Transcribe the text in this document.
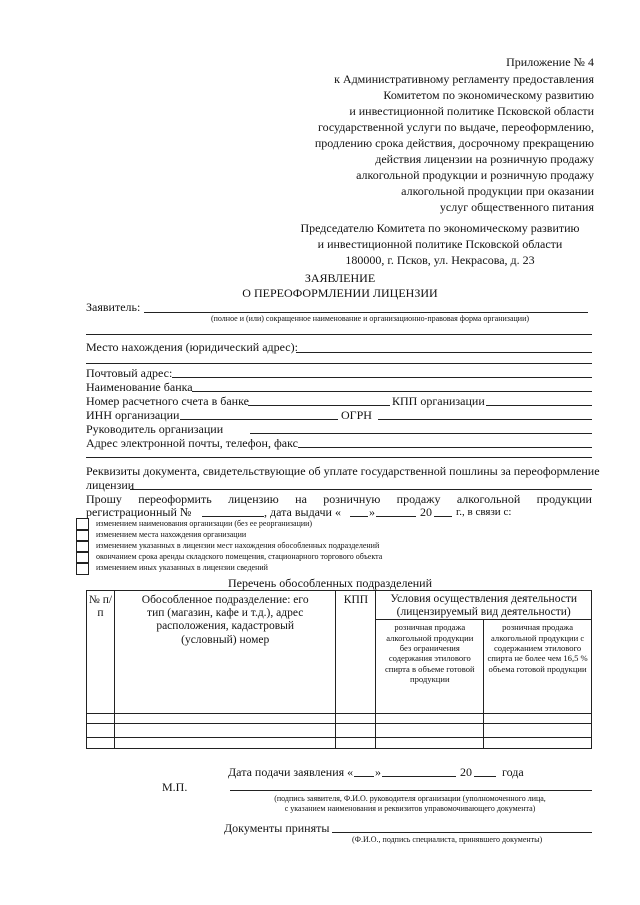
Приложение № 4
к Административному регламенту предоставления
Комитетом по экономическому развитию
и инвестиционной политике Псковской области
государственной услуги по выдаче, переоформлению,
продлению срока действия, досрочному прекращению
действия лицензии на розничную продажу
алкогольной продукции и розничную продажу
алкогольной продукции при оказании
услуг общественного питания
Председателю Комитета по экономическому развитию
и инвестиционной политике Псковской области
180000, г. Псков, ул. Некрасова, д. 23
ЗАЯВЛЕНИЕ
О ПЕРЕОФОРМЛЕНИИ ЛИЦЕНЗИИ
Заявитель:
(полное и (или) сокращенное наименование и организационно-правовая форма организации)
Место нахождения (юридический адрес):
Почтовый адрес:
Наименование банка
Номер расчетного счета в банке	КПП организации
ИНН организации	ОГРН
Руководитель организации
Адрес электронной почты, телефон, факс
Реквизиты документа, свидетельствующие об уплате государственной пошлины за переоформление
лицензии
Прошу переоформить лицензию на розничную продажу алкогольной продукции
регистрационный №	, дата выдачи « »	20 г., в связи с:
изменением наименования организации (без ее реорганизации)
изменением места нахождения организации
изменением указанных в лицензии мест нахождения обособленных подразделений
окончанием срока аренды складского помещения, стационарного торгового объекта
изменением иных указанных в лицензии сведений
Перечень обособленных подразделений
№ п/п	Обособленное подразделение: его тип (магазин, кафе и т.д.), адрес расположения, кадастровый (условный) номер	КПП	Условия осуществления деятельности (лицензируемый вид деятельности)	
			розничная продажа алкогольной продукции без ограничения содержания этилового спирта в объеме готовой продукции	розничная продажа алкогольной продукции с содержанием этилового спирта не более чем 16,5 % объема готовой продукции

Дата подачи заявления « »	20	года
М.П.
(подпись заявителя, Ф.И.О. руководителя организации (уполномоченного лица,
с указанием наименования и реквизитов управомочивающего документа)
Документы приняты
(Ф.И.О., подпись специалиста, принявшего документы)
